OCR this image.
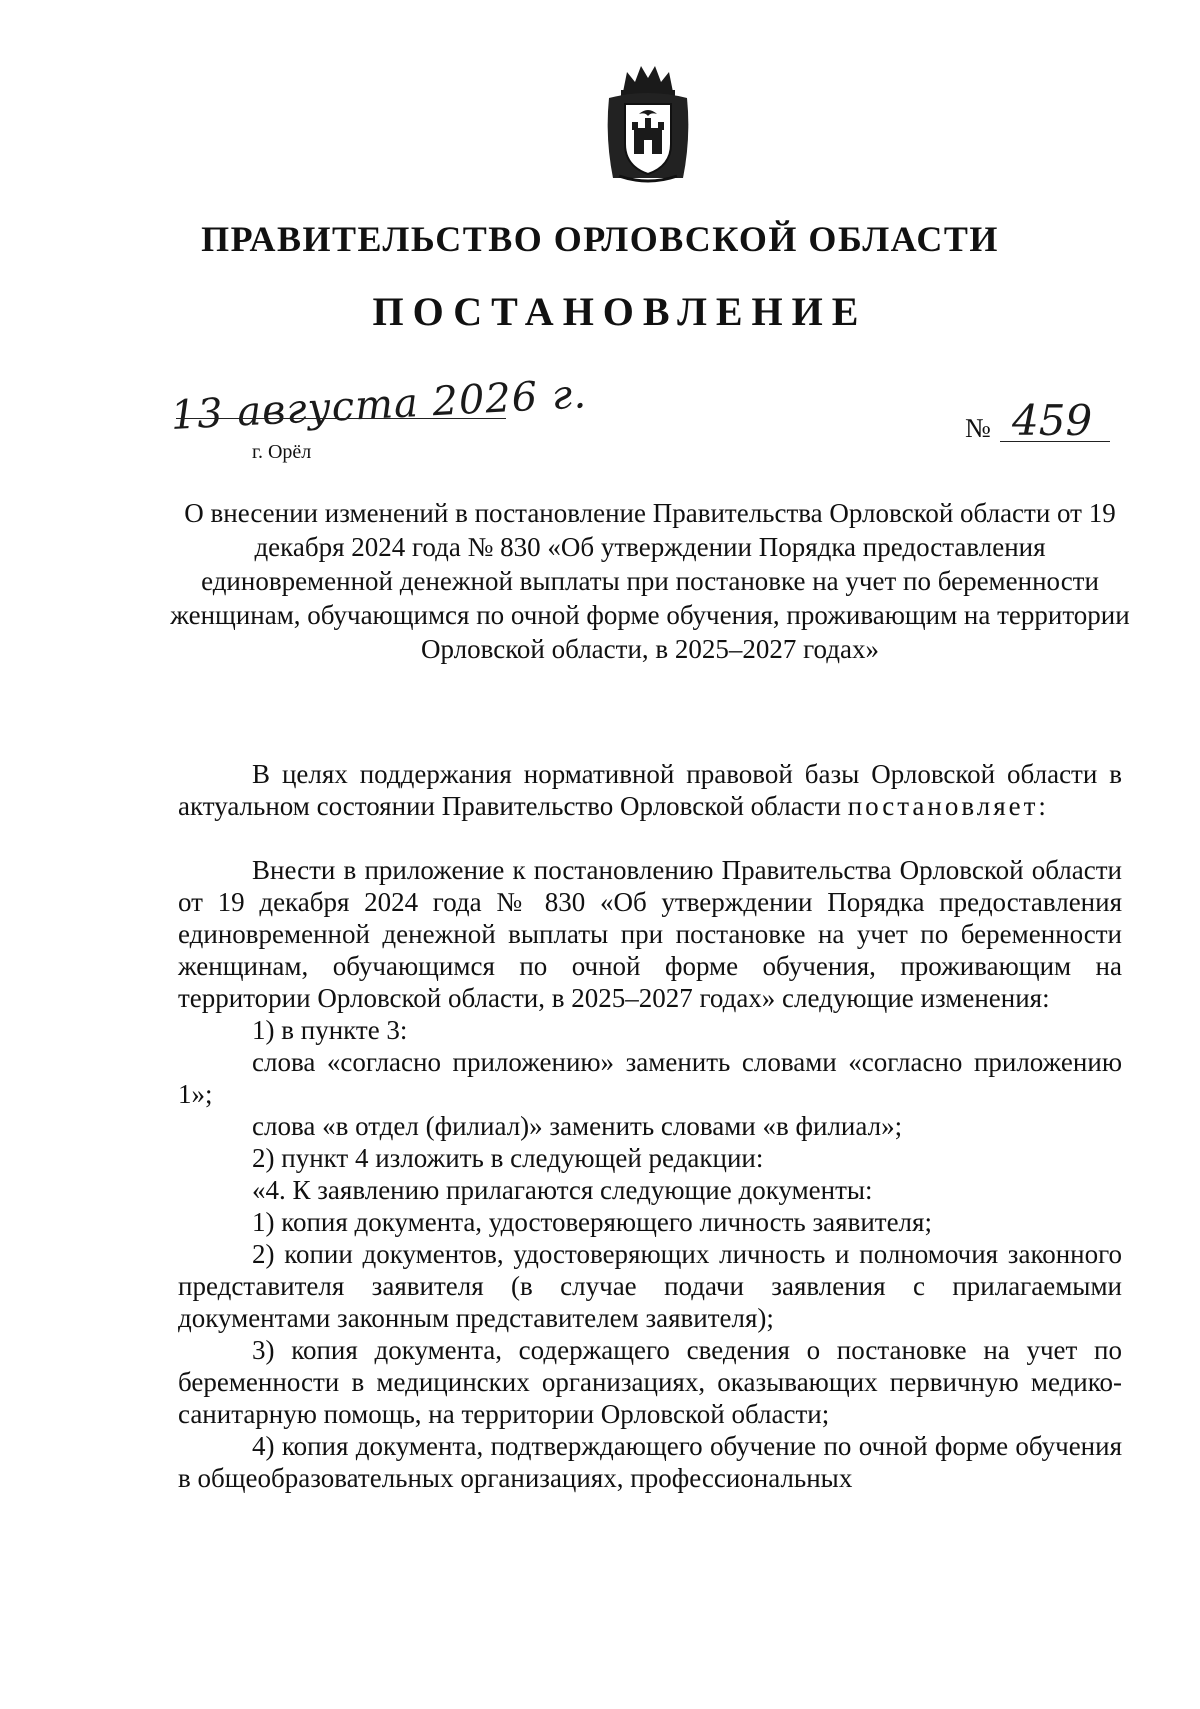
ПРАВИТЕЛЬСТВО ОРЛОВСКОЙ ОБЛАСТИ
ПОСТАНОВЛЕНИЕ
13 августа 2026 г.
г. Орёл
№ 459
О внесении изменений в постановление Правительства Орловской области от 19 декабря 2024 года № 830 «Об утверждении Порядка предоставления единовременной денежной выплаты при постановке на учет по беременности женщинам, обучающимся по очной форме обучения, проживающим на территории Орловской области, в 2025–2027 годах»

В целях поддержания нормативной правовой базы Орловской области в актуальном состоянии Правительство Орловской области постановляет:

Внести в приложение к постановлению Правительства Орловской области от 19 декабря 2024 года № 830 «Об утверждении Порядка предоставления единовременной денежной выплаты при постановке на учет по беременности женщинам, обучающимся по очной форме обучения, проживающим на территории Орловской области, в 2025–2027 годах» следующие изменения:

1) в пункте 3:

слова «согласно приложению» заменить словами «согласно приложению 1»;

слова «в отдел (филиал)» заменить словами «в филиал»;

2) пункт 4 изложить в следующей редакции:

«4. К заявлению прилагаются следующие документы:

1) копия документа, удостоверяющего личность заявителя;

2) копии документов, удостоверяющих личность и полномочия законного представителя заявителя (в случае подачи заявления с прилагаемыми документами законным представителем заявителя);

3) копия документа, содержащего сведения о постановке на учет по беременности в медицинских организациях, оказывающих первичную медико-санитарную помощь, на территории Орловской области;

4) копия документа, подтверждающего обучение по очной форме обучения в общеобразовательных организациях, профессиональных
